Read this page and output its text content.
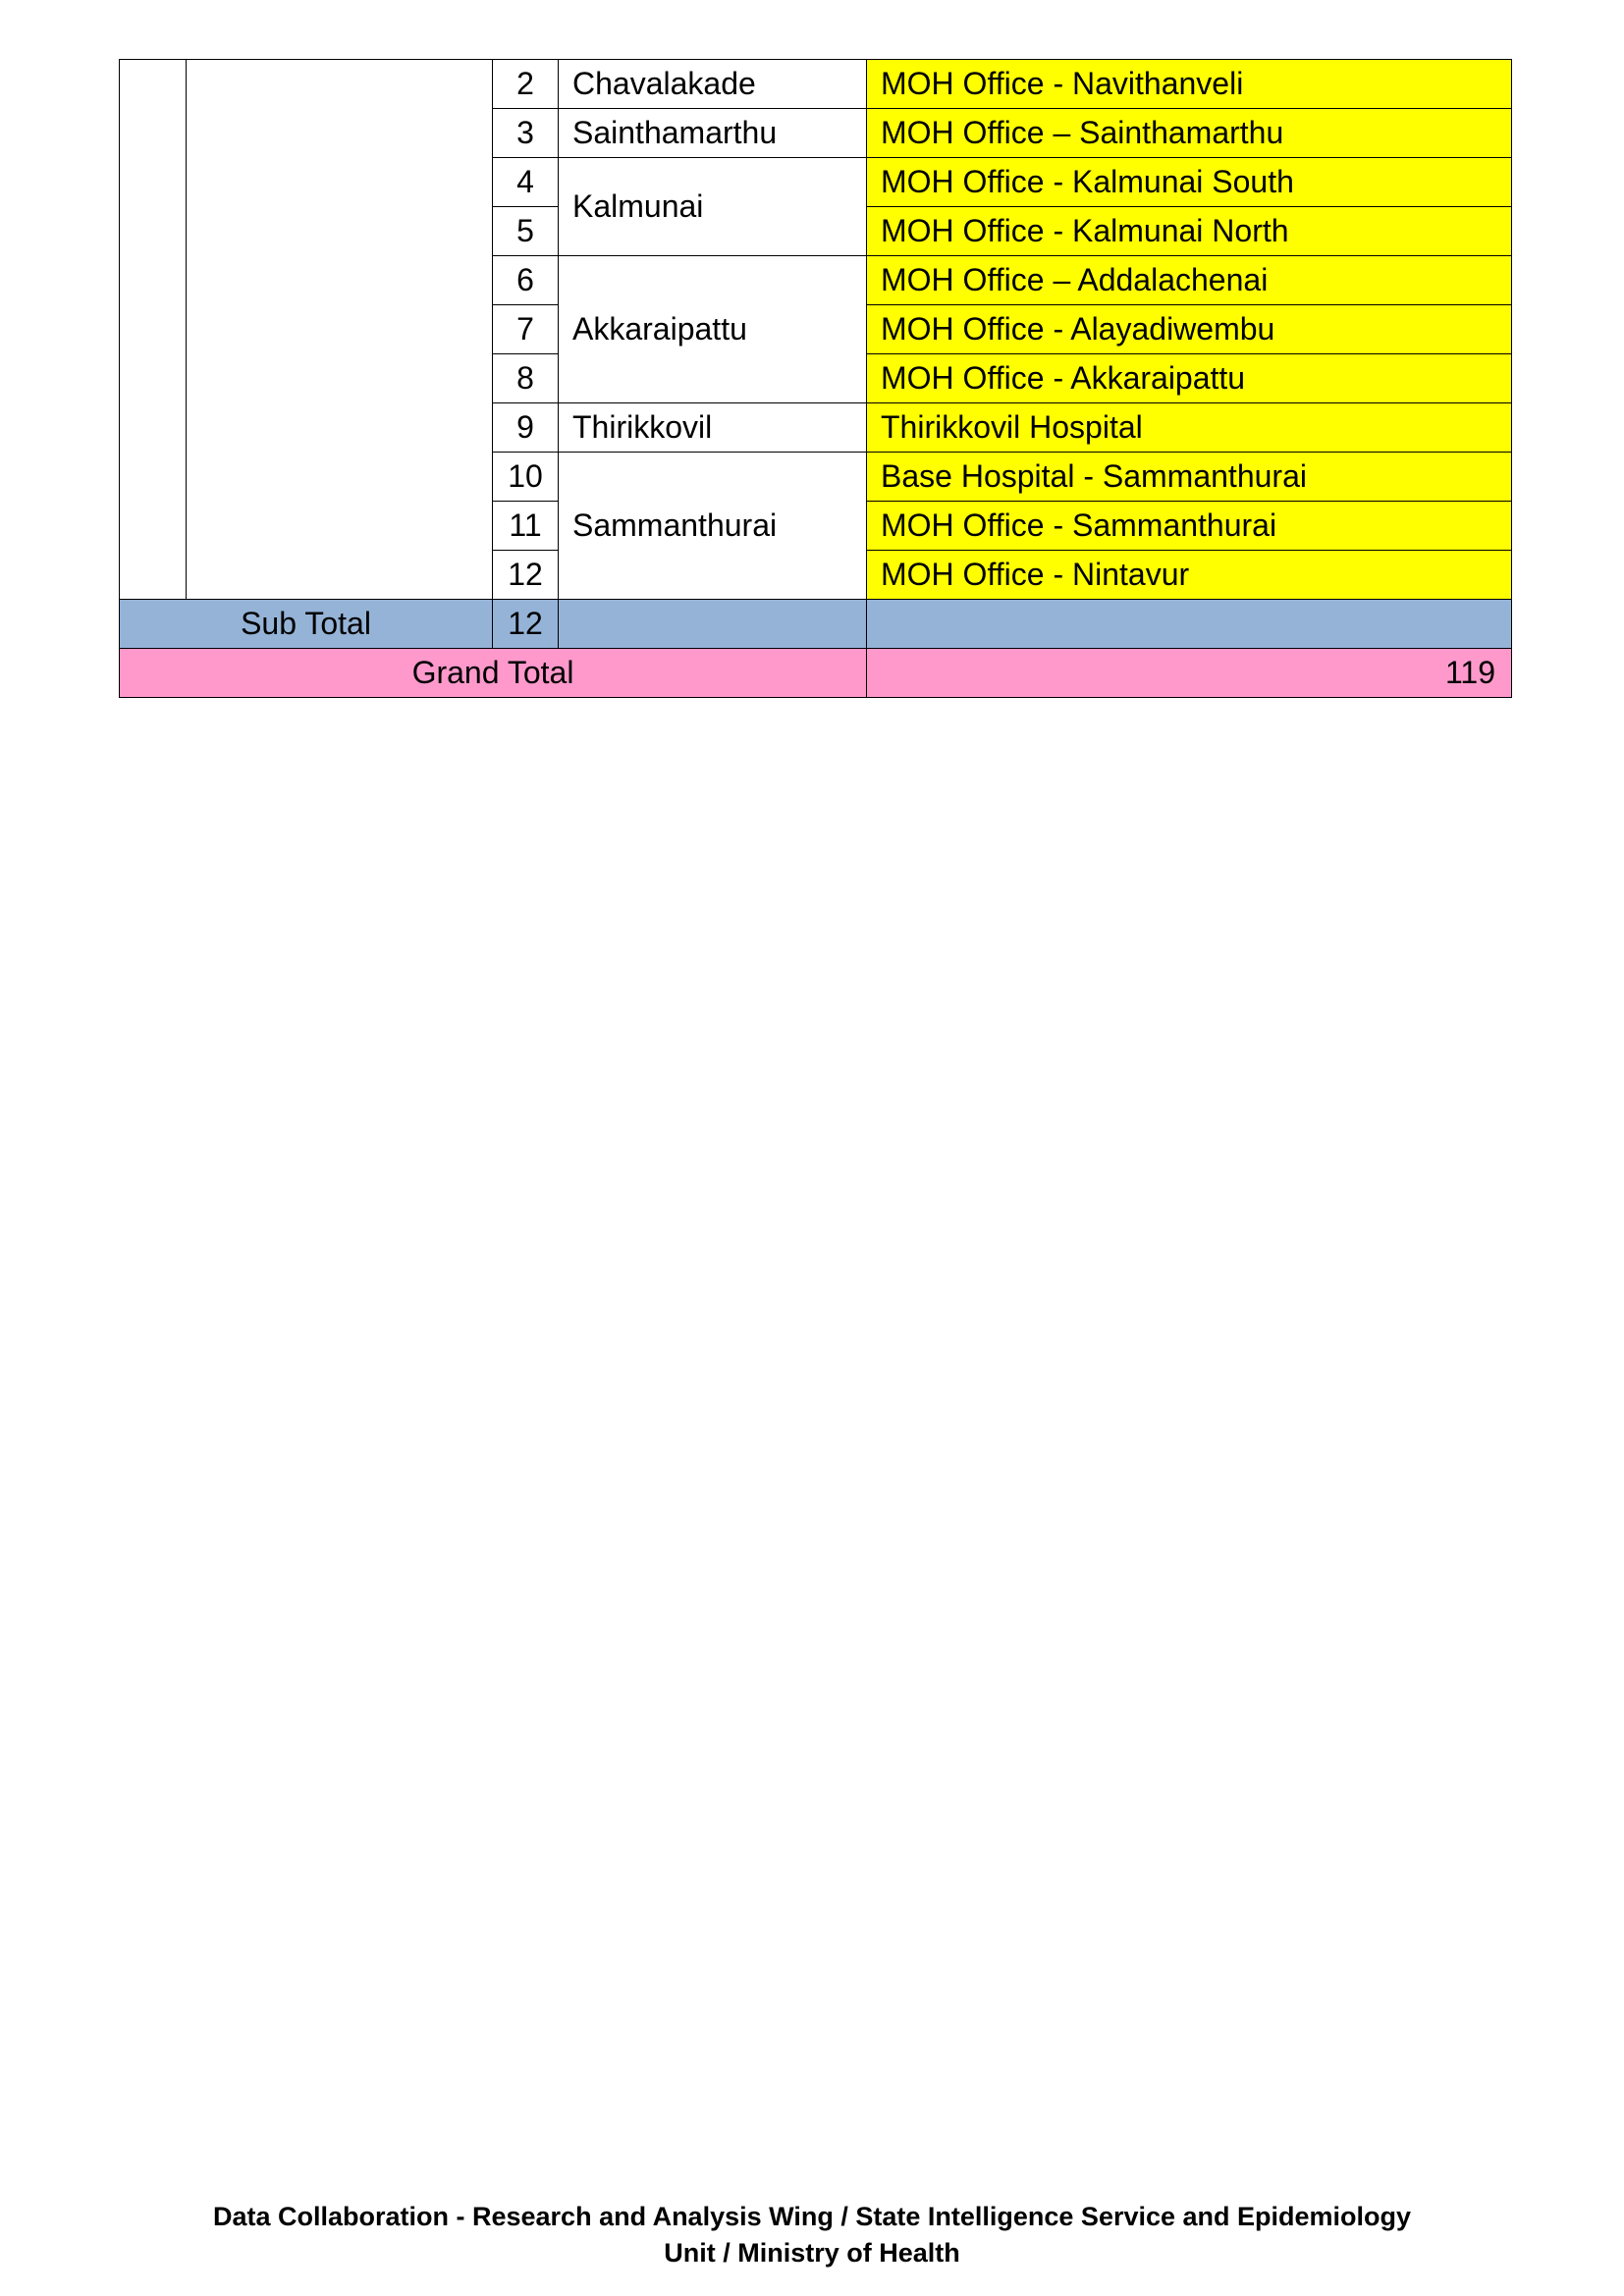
		2	Chavalakade	MOH Office - Navithanveli
		3	Sainthamarthu	MOH Office – Sainthamarthu
		4	Kalmunai	MOH Office - Kalmunai South
		5		MOH Office - Kalmunai North
		6	Akkaraipattu	MOH Office – Addalachenai
		7		MOH Office - Alayadiwembu
		8		MOH Office - Akkaraipattu
		9	Thirikkovil	Thirikkovil Hospital
		10	Sammanthurai	Base Hospital - Sammanthurai
		11		MOH Office - Sammanthurai
		12		MOH Office - Nintavur
Sub Total		12		
Grand Total				119
Data Collaboration - Research and Analysis Wing / State Intelligence Service and Epidemiology
Unit / Ministry of Health
